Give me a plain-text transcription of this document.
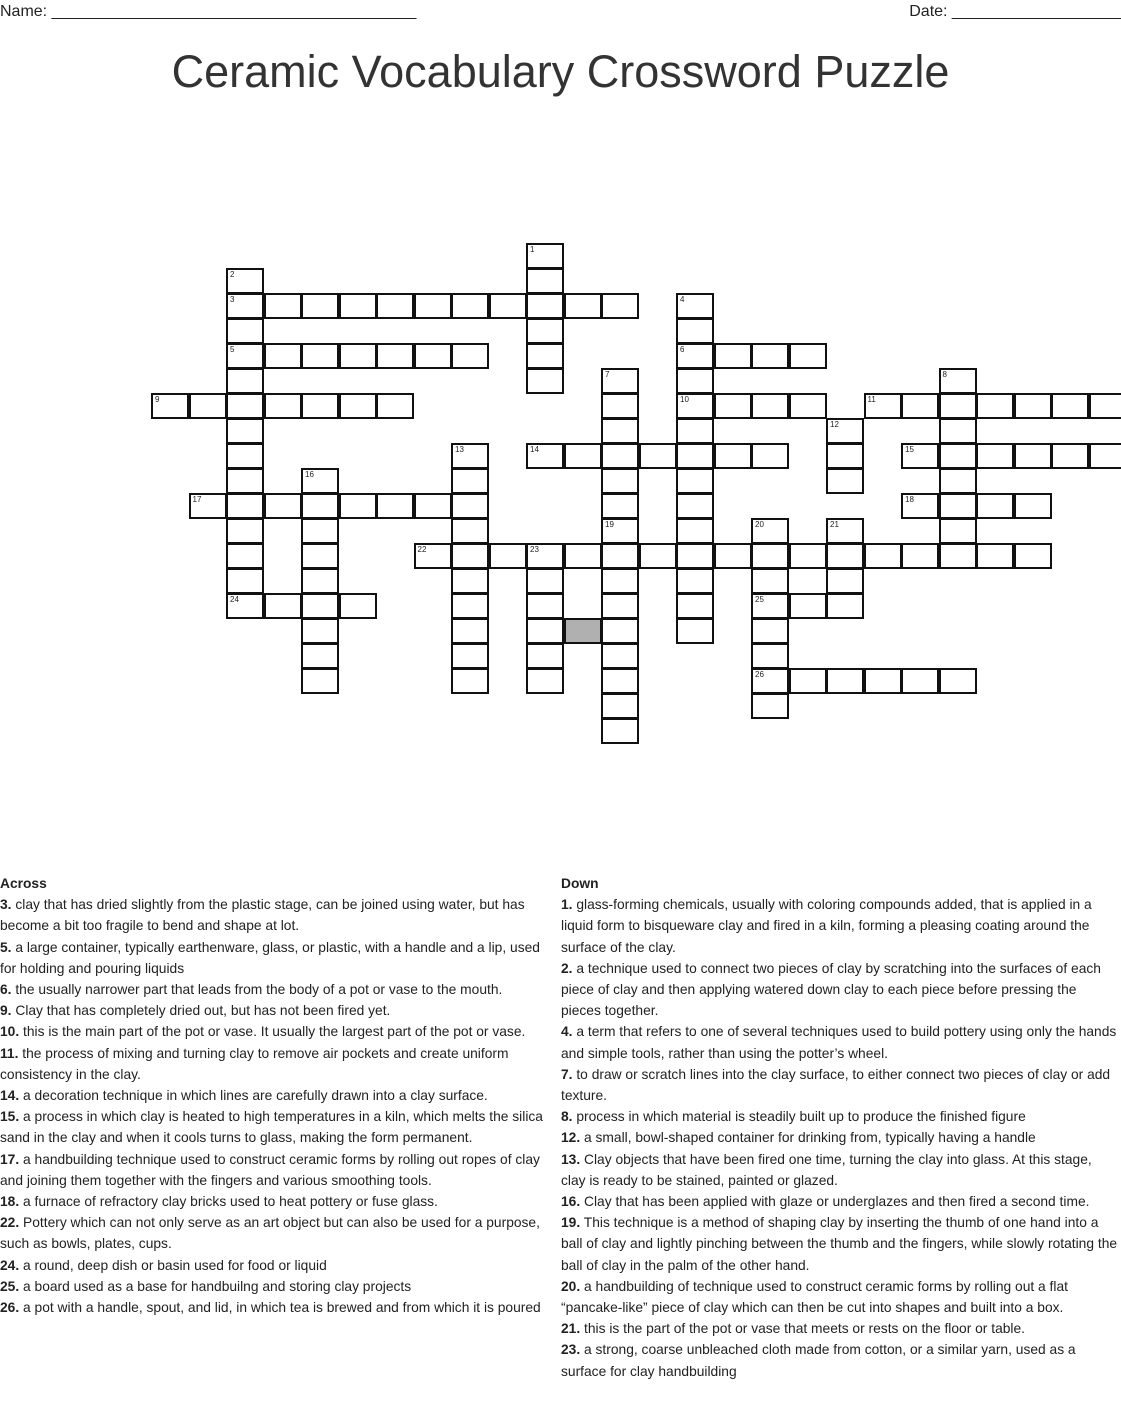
Name: _________________________________________	Date: ___________________
Ceramic Vocabulary Crossword Puzzle
1
2
3
5
24
4
6
10
7	8
9	11
12
13	14	15
16
17	18
19	20
25
26
21
22	23
Across
3. clay that has dried slightly from the plastic stage, can be joined using water, but has become a bit too fragile to bend and shape at lot.
5. a large container, typically earthenware, glass, or plastic, with a handle and a lip, used for holding and pouring liquids
6. the usually narrower part that leads from the body of a pot or vase to the mouth.
9. Clay that has completely dried out, but has not been fired yet.
10. this is the main part of the pot or vase. It usually the largest part of the pot or vase.
11. the process of mixing and turning clay to remove air pockets and create uniform consistency in the clay.
14. a decoration technique in which lines are carefully drawn into a clay surface.
15. a process in which clay is heated to high temperatures in a kiln, which melts the silica sand in the clay and when it cools turns to glass, making the form permanent.
17. a handbuilding technique used to construct ceramic forms by rolling out ropes of clay and joining them together with the fingers and various smoothing tools.
18. a furnace of refractory clay bricks used to heat pottery or fuse glass.
22. Pottery which can not only serve as an art object but can also be used for a purpose, such as bowls, plates, cups.
24. a round, deep dish or basin used for food or liquid
25. a board used as a base for handbuilng and storing clay projects
26. a pot with a handle, spout, and lid, in which tea is brewed and from which it is poured
Down
1. glass-forming chemicals, usually with coloring compounds added, that is applied in a liquid form to bisqueware clay and fired in a kiln, forming a pleasing coating around the surface of the clay.
2. a technique used to connect two pieces of clay by scratching into the surfaces of each piece of clay and then applying watered down clay to each piece before pressing the pieces together.
4. a term that refers to one of several techniques used to build pottery using only the hands and simple tools, rather than using the potter’s wheel.
7. to draw or scratch lines into the clay surface, to either connect two pieces of clay or add texture.
8. process in which material is steadily built up to produce the finished figure
12. a small, bowl-shaped container for drinking from, typically having a handle
13. Clay objects that have been fired one time, turning the clay into glass. At this stage, clay is ready to be stained, painted or glazed.
16. Clay that has been applied with glaze or underglazes and then fired a second time.
19. This technique is a method of shaping clay by inserting the thumb of one hand into a ball of clay and lightly pinching between the thumb and the fingers, while slowly rotating the ball of clay in the palm of the other hand.
20. a handbuilding of technique used to construct ceramic forms by rolling out a flat “pancake-like” piece of clay which can then be cut into shapes and built into a box.
21. this is the part of the pot or vase that meets or rests on the floor or table.
23. a strong, coarse unbleached cloth made from cotton, or a similar yarn, used as a surface for clay handbuilding
